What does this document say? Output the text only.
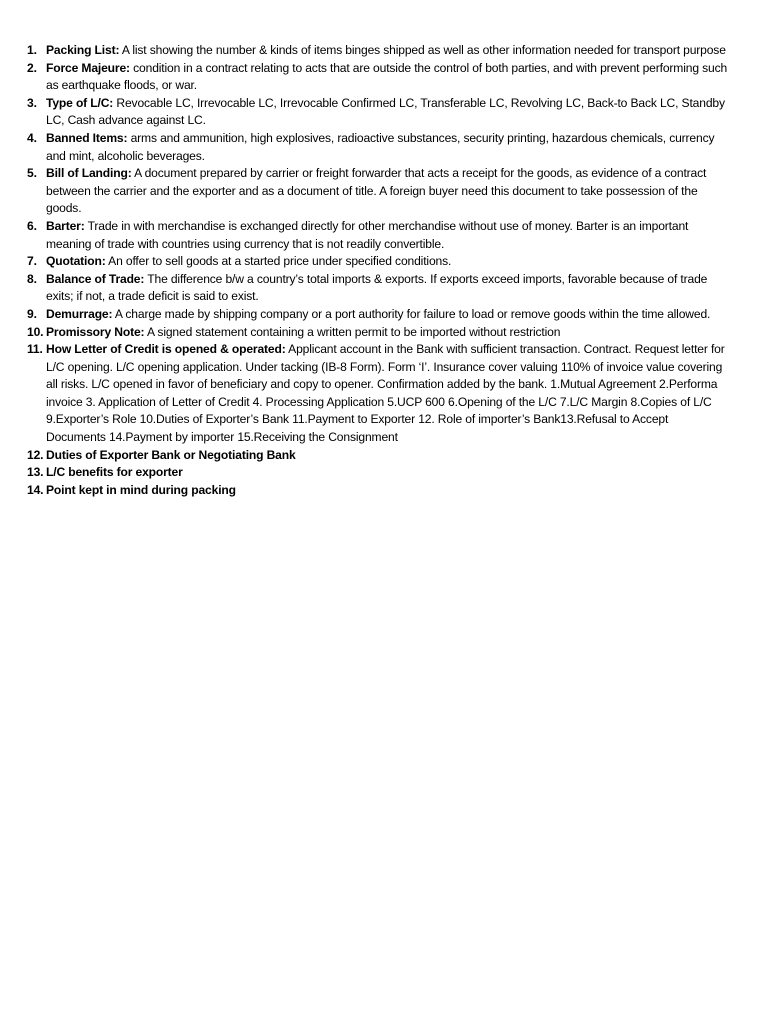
1. Packing List: A list showing the number & kinds of items binges shipped as well as other information needed for transport purpose
2. Force Majeure: condition in a contract relating to acts that are outside the control of both parties, and with prevent performing such as earthquake floods, or war.
3. Type of L/C: Revocable LC, Irrevocable LC, Irrevocable Confirmed LC, Transferable LC, Revolving LC, Back-to Back LC, Standby LC, Cash advance against LC.
4. Banned Items: arms and ammunition, high explosives, radioactive substances, security printing, hazardous chemicals, currency and mint, alcoholic beverages.
5. Bill of Landing: A document prepared by carrier or freight forwarder that acts a receipt for the goods, as evidence of a contract between the carrier and the exporter and as a document of title. A foreign buyer need this document to take possession of the goods.
6. Barter: Trade in with merchandise is exchanged directly for other merchandise without use of money. Barter is an important meaning of trade with countries using currency that is not readily convertible.
7. Quotation: An offer to sell goods at a started price under specified conditions.
8. Balance of Trade: The difference b/w a country’s total imports & exports. If exports exceed imports, favorable because of trade exits; if not, a trade deficit is said to exist.
9. Demurrage: A charge made by shipping company or a port authority for failure to load or remove goods within the time allowed.
10. Promissory Note: A signed statement containing a written permit to be imported without restriction
11. How Letter of Credit is opened & operated: Applicant account in the Bank with sufficient transaction. Contract. Request letter for L/C opening. L/C opening application. Under tacking (IB-8 Form). Form ‘I’. Insurance cover valuing 110% of invoice value covering all risks. L/C opened in favor of beneficiary and copy to opener. Confirmation added by the bank. 1.Mutual Agreement 2.Performa invoice 3. Application of Letter of Credit 4. Processing Application 5.UCP 600 6.Opening of the L/C 7.L/C Margin 8.Copies of L/C 9.Exporter’s Role 10.Duties of Exporter’s Bank 11.Payment to Exporter 12. Role of importer’s Bank13.Refusal to Accept Documents 14.Payment by importer 15.Receiving the Consignment
12. Duties of Exporter Bank or Negotiating Bank
13. L/C benefits for exporter
14. Point kept in mind during packing
